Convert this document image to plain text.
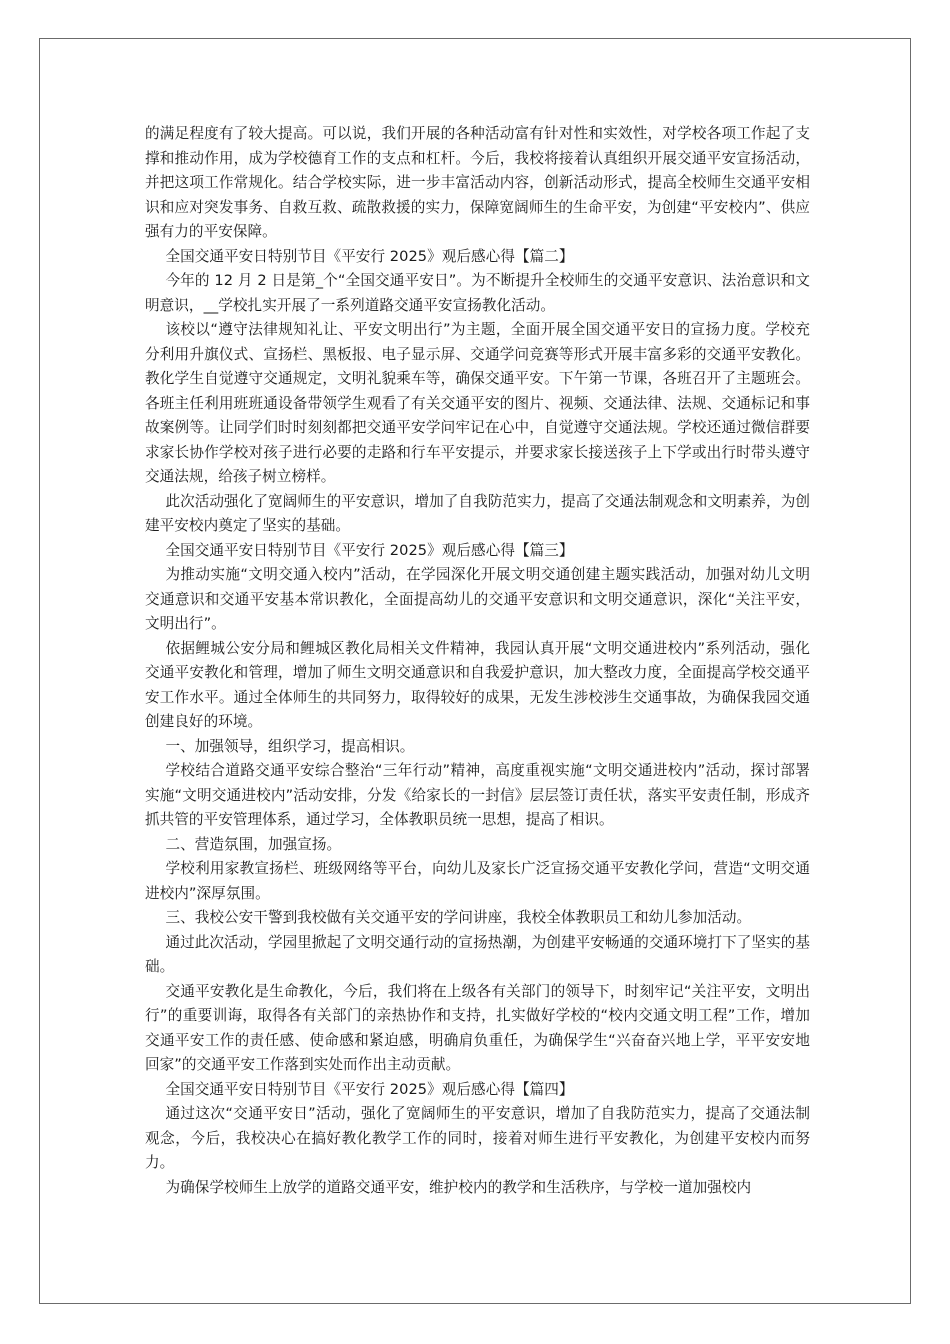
的满足程度有了较大提高。可以说，我们开展的各种活动富有针对性和实效性，对学校各项工作起了支撑和推动作用，成为学校德育工作的支点和杠杆。今后，我校将接着认真组织开展交通平安宣扬活动，并把这项工作常规化。结合学校实际，进一步丰富活动内容，创新活动形式，提高全校师生交通平安相识和应对突发事务、自救互救、疏散救援的实力，保障宽阔师生的生命平安，为创建“平安校内”、供应强有力的平安保障。

全国交通平安日特别节目《平安行 2025》观后感心得【篇二】

今年的 12 月 2 日是第_个“全国交通平安日”。为不断提升全校师生的交通平安意识、法治意识和文明意识，__学校扎实开展了一系列道路交通平安宣扬教化活动。

该校以“遵守法律规知礼让、平安文明出行”为主题，全面开展全国交通平安日的宣扬力度。学校充分利用升旗仪式、宣扬栏、黑板报、电子显示屏、交通学问竞赛等形式开展丰富多彩的交通平安教化。教化学生自觉遵守交通规定，文明礼貌乘车等，确保交通平安。下午第一节课，各班召开了主题班会。各班主任利用班班通设备带领学生观看了有关交通平安的图片、视频、交通法律、法规、交通标记和事故案例等。让同学们时时刻刻都把交通平安学问牢记在心中，自觉遵守交通法规。学校还通过微信群要求家长协作学校对孩子进行必要的走路和行车平安提示，并要求家长接送孩子上下学或出行时带头遵守交通法规，给孩子树立榜样。

此次活动强化了宽阔师生的平安意识，增加了自我防范实力，提高了交通法制观念和文明素养，为创建平安校内奠定了坚实的基础。

全国交通平安日特别节目《平安行 2025》观后感心得【篇三】

为推动实施“文明交通入校内”活动，在学园深化开展文明交通创建主题实践活动，加强对幼儿文明交通意识和交通平安基本常识教化，全面提高幼儿的交通平安意识和文明交通意识，深化“关注平安，文明出行”。

依据鲤城公安分局和鲤城区教化局相关文件精神，我园认真开展“文明交通进校内”系列活动，强化交通平安教化和管理，增加了师生文明交通意识和自我爱护意识，加大整改力度，全面提高学校交通平安工作水平。通过全体师生的共同努力，取得较好的成果，无发生涉校涉生交通事故，为确保我园交通创建良好的环境。

一、加强领导，组织学习，提高相识。

学校结合道路交通平安综合整治“三年行动”精神，高度重视实施“文明交通进校内”活动，探讨部署实施“文明交通进校内”活动安排，分发《给家长的一封信》层层签订责任状，落实平安责任制，形成齐抓共管的平安管理体系，通过学习，全体教职员统一思想，提高了相识。

二、营造氛围，加强宣扬。

学校利用家教宣扬栏、班级网络等平台，向幼儿及家长广泛宣扬交通平安教化学问，营造“文明交通进校内”深厚氛围。

三、我校公安干警到我校做有关交通平安的学问讲座，我校全体教职员工和幼儿参加活动。

通过此次活动，学园里掀起了文明交通行动的宣扬热潮，为创建平安畅通的交通环境打下了坚实的基础。

交通平安教化是生命教化，今后，我们将在上级各有关部门的领导下，时刻牢记“关注平安，文明出行”的重要训诲，取得各有关部门的亲热协作和支持，扎实做好学校的“校内交通文明工程”工作，增加交通平安工作的责任感、使命感和紧迫感，明确肩负重任，为确保学生“兴奋奋兴地上学，平平安安地回家”的交通平安工作落到实处而作出主动贡献。

全国交通平安日特别节目《平安行 2025》观后感心得【篇四】

通过这次“交通平安日”活动，强化了宽阔师生的平安意识，增加了自我防范实力，提高了交通法制观念，今后，我校决心在搞好教化教学工作的同时，接着对师生进行平安教化，为创建平安校内而努力。

为确保学校师生上放学的道路交通平安，维护校内的教学和生活秩序，与学校一道加强校内
